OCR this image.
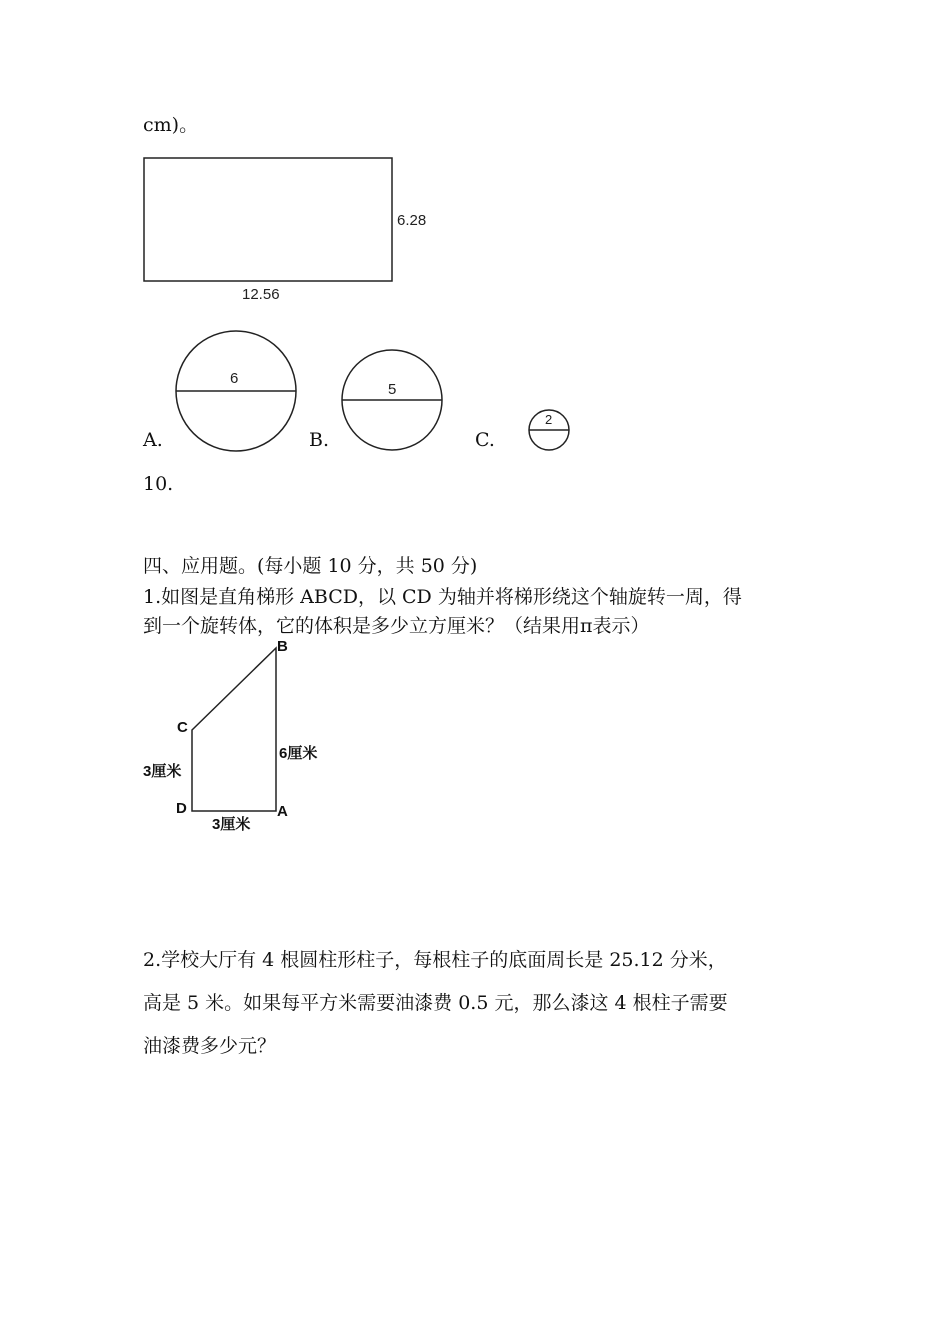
cm)。
6.28
12.56
A.
6
B.
5
C.
2
10.
四、应用题。(每小题 10 分，共 50 分)
1.如图是直角梯形 ABCD，以 CD 为轴并将梯形绕这个轴旋转一周，得
到一个旋转体，它的体积是多少立方厘米？（结果用π表示）
B
C
D	A
3厘米
3厘米
6厘米
2.学校大厅有 4 根圆柱形柱子，每根柱子的底面周长是 25.12 分米，
高是 5 米。如果每平方米需要油漆费 0.5 元，那么漆这 4 根柱子需要
油漆费多少元？
